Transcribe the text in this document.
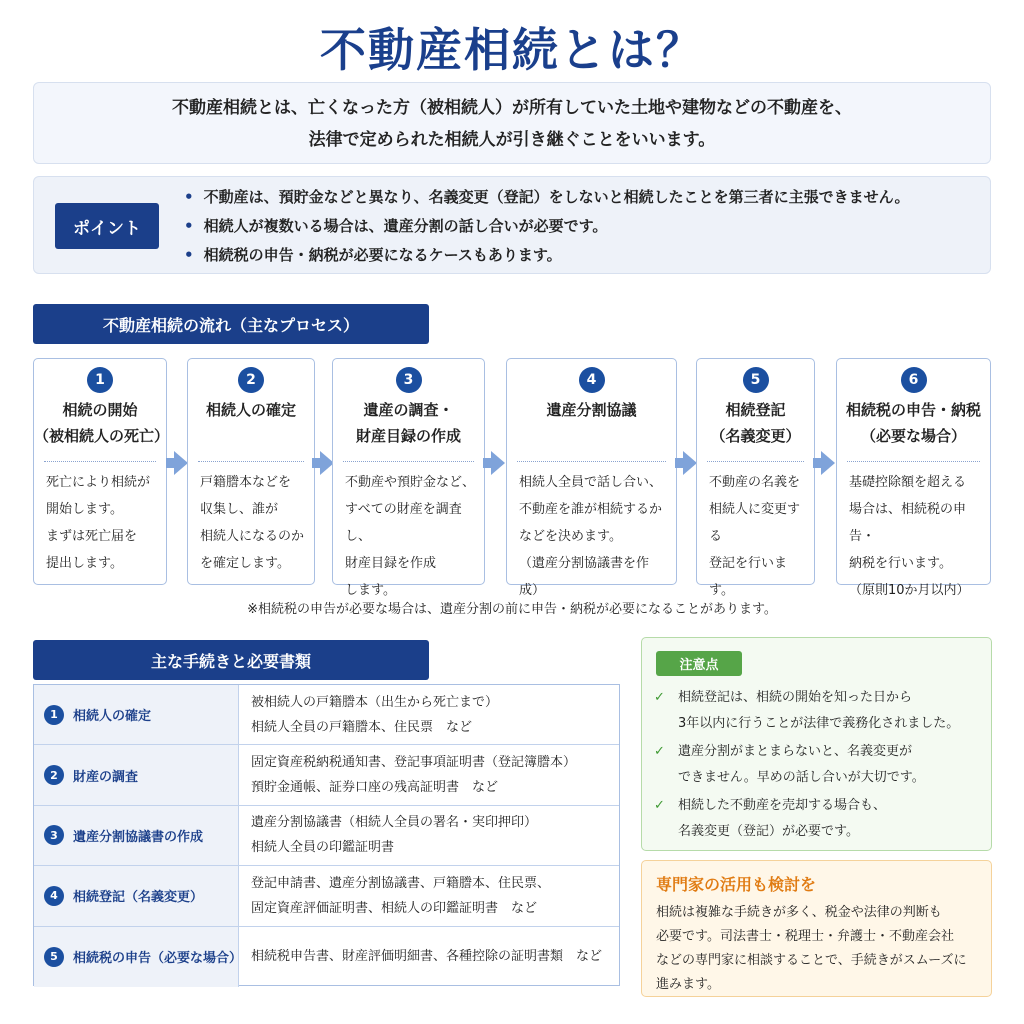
不動産相続とは？
不動産相続とは、亡くなった方（被相続人）が所有していた土地や建物などの不動産を、
法律で定められた相続人が引き継ぐことをいいます。
ポイント
• 不動産は、預貯金などと異なり、名義変更（登記）をしないと相続したことを第三者に主張できません。
• 相続人が複数いる場合は、遺産分割の話し合いが必要です。
• 相続税の申告・納税が必要になるケースもあります。
不動産相続の流れ（主なプロセス）
1
相続の開始
（被相続人の死亡）
死亡により相続が
開始します。
まずは死亡届を
提出します。
2
相続人の確定
戸籍謄本などを
収集し、誰が
相続人になるのか
を確定します。
3
遺産の調査・
財産目録の作成
不動産や預貯金など、
すべての財産を調査し、
財産目録を作成
します。
4
遺産分割協議
相続人全員で話し合い、
不動産を誰が相続するか
などを決めます。
（遺産分割協議書を作成）
5
相続登記
（名義変更）
不動産の名義を
相続人に変更する
登記を行います。
6
相続税の申告・納税
（必要な場合）
基礎控除額を超える
場合は、相続税の申告・
納税を行います。
（原則10か月以内）
※相続税の申告が必要な場合は、遺産分割の前に申告・納税が必要になることがあります。
主な手続きと必要書類
1	相続人の確定
被相続人の戸籍謄本（出生から死亡まで）
相続人全員の戸籍謄本、住民票　など
2	財産の調査
固定資産税納税通知書、登記事項証明書（登記簿謄本）
預貯金通帳、証券口座の残高証明書　など
3	遺産分割協議書の作成
遺産分割協議書（相続人全員の署名・実印押印）
相続人全員の印鑑証明書
4	相続登記（名義変更）
登記申請書、遺産分割協議書、戸籍謄本、住民票、
固定資産評価証明書、相続人の印鑑証明書　など
5	相続税の申告（必要な場合） 相続税申告書、財産評価明細書、各種控除の証明書類　など
注意点
✓ 相続登記は、相続の開始を知った日から
3年以内に行うことが法律で義務化されました。
✓ 遺産分割がまとまらないと、名義変更が
できません。早めの話し合いが大切です。
✓ 相続した不動産を売却する場合も、
名義変更（登記）が必要です。
専門家の活用も検討を
相続は複雑な手続きが多く、税金や法律の判断も
必要です。司法書士・税理士・弁護士・不動産会社
などの専門家に相談することで、手続きがスムーズに
進みます。
